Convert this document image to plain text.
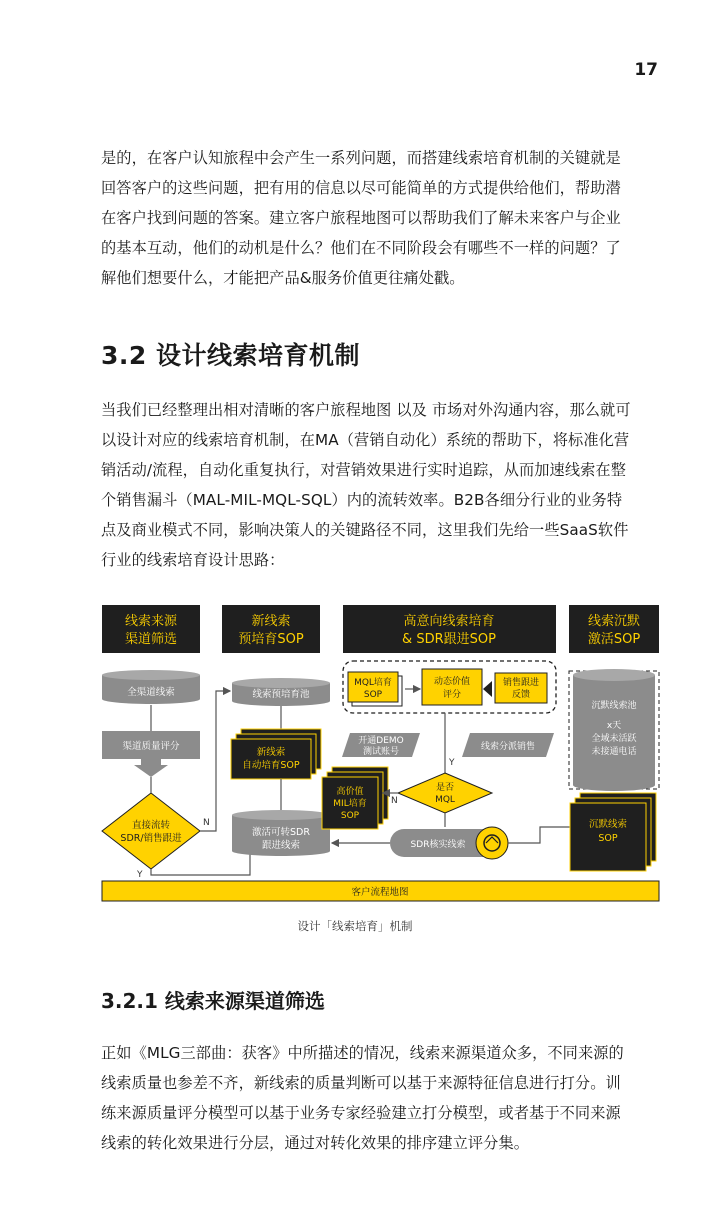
17
是的，在客户认知旅程中会产生一系列问题，而搭建线索培育机制的关键就是
回答客户的这些问题，把有用的信息以尽可能简单的方式提供给他们，帮助潜
在客户找到问题的答案。建立客户旅程地图可以帮助我们了解未来客户与企业
的基本互动，他们的动机是什么？他们在不同阶段会有哪些不一样的问题？了
解他们想要什么，才能把产品&服务价值更往痛处戳。
3.2 设计线索培育机制
当我们已经整理出相对清晰的客户旅程地图 以及 市场对外沟通内容，那么就可
以设计对应的线索培育机制，在MA（营销自动化）系统的帮助下，将标准化营
销活动/流程，自动化重复执行，对营销效果进行实时追踪，从而加速线索在整
个销售漏斗（MAL-MIL-MQL-SQL）内的流转效率。B2B各细分行业的业务特
点及商业模式不同，影响决策人的关键路径不同，这里我们先给一些SaaS软件
行业的线索培育设计思路：
线索来源
渠道筛选
新线索
预培育SOP
高意向线索培育
& SDR跟进SOP
线索沉默
激活SOP
全渠道线索
渠道质量评分
直接流转
SDR/销售跟进
Y
N
线索预培育池
新线索
自动培育SOP
激活可转SDR
跟进线索
MQL培育
SOP
动态价值
评分
销售跟进
反馈
开通DEMO
测试账号	线索分派销售
Y
高价值
MIL培育
SOP
是否
MQL
N
SDR核实线索
沉默线索池
x天
全域未活跃
未接通电话
沉默线索
SOP
客户流程地图
设计「线索培育」机制
3.2.1 线索来源渠道筛选
正如《MLG三部曲：获客》中所描述的情况，线索来源渠道众多，不同来源的
线索质量也参差不齐，新线索的质量判断可以基于来源特征信息进行打分。训
练来源质量评分模型可以基于业务专家经验建立打分模型，或者基于不同来源
线索的转化效果进行分层，通过对转化效果的排序建立评分集。
